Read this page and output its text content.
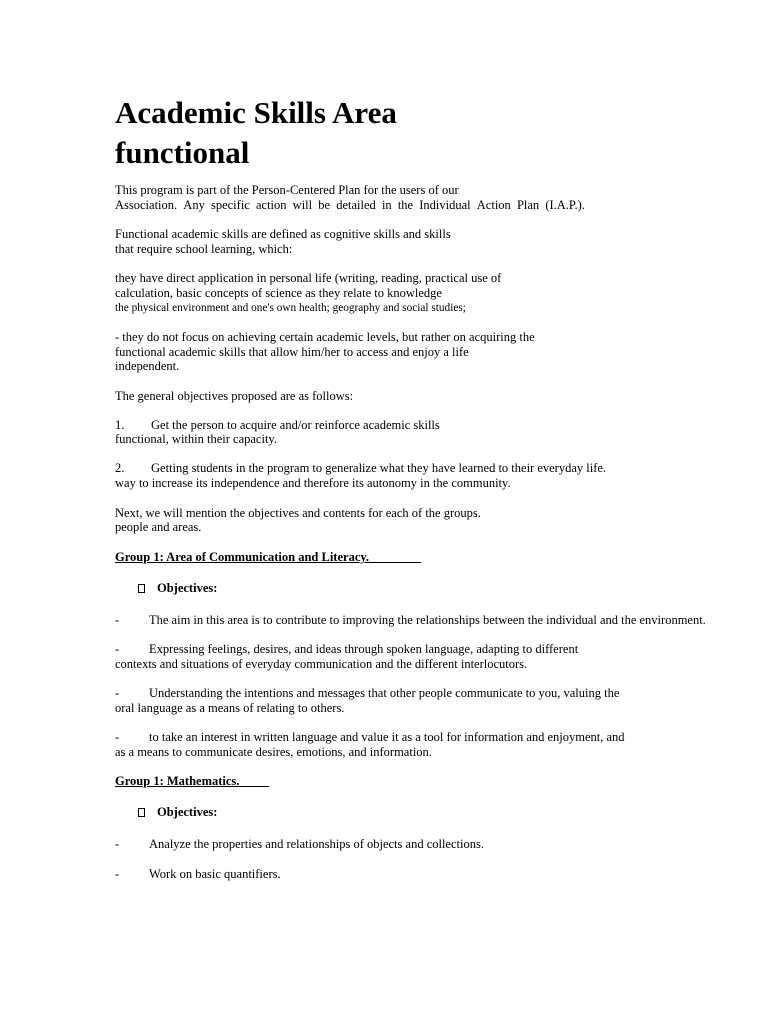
Academic Skills Area
functional
This program is part of the Person-Centered Plan for the users of our
Association. Any specific action will be detailed in the Individual Action Plan (I.A.P.).
Functional academic skills are defined as cognitive skills and skills
that require school learning, which:
they have direct application in personal life (writing, reading, practical use of
calculation, basic concepts of science as they relate to knowledge
the physical environment and one's own health; geography and social studies;
- they do not focus on achieving certain academic levels, but rather on acquiring the
functional academic skills that allow him/her to access and enjoy a life
independent.
The general objectives proposed are as follows:
1. Get the person to acquire and/or reinforce academic skills
functional, within their capacity.
2. Getting students in the program to generalize what they have learned to their everyday life.
way to increase its independence and therefore its autonomy in the community.
Next, we will mention the objectives and contents for each of the groups.
people and areas.
Group 1: Area of Communication and Literacy.
Objectives:
- The aim in this area is to contribute to improving the relationships between the individual and the environment.
- Expressing feelings, desires, and ideas through spoken language, adapting to different
contexts and situations of everyday communication and the different interlocutors.
- Understanding the intentions and messages that other people communicate to you, valuing the
oral language as a means of relating to others.
- to take an interest in written language and value it as a tool for information and enjoyment, and
as a means to communicate desires, emotions, and information.
Group 1: Mathematics.
Objectives:
- Analyze the properties and relationships of objects and collections.
- Work on basic quantifiers.
